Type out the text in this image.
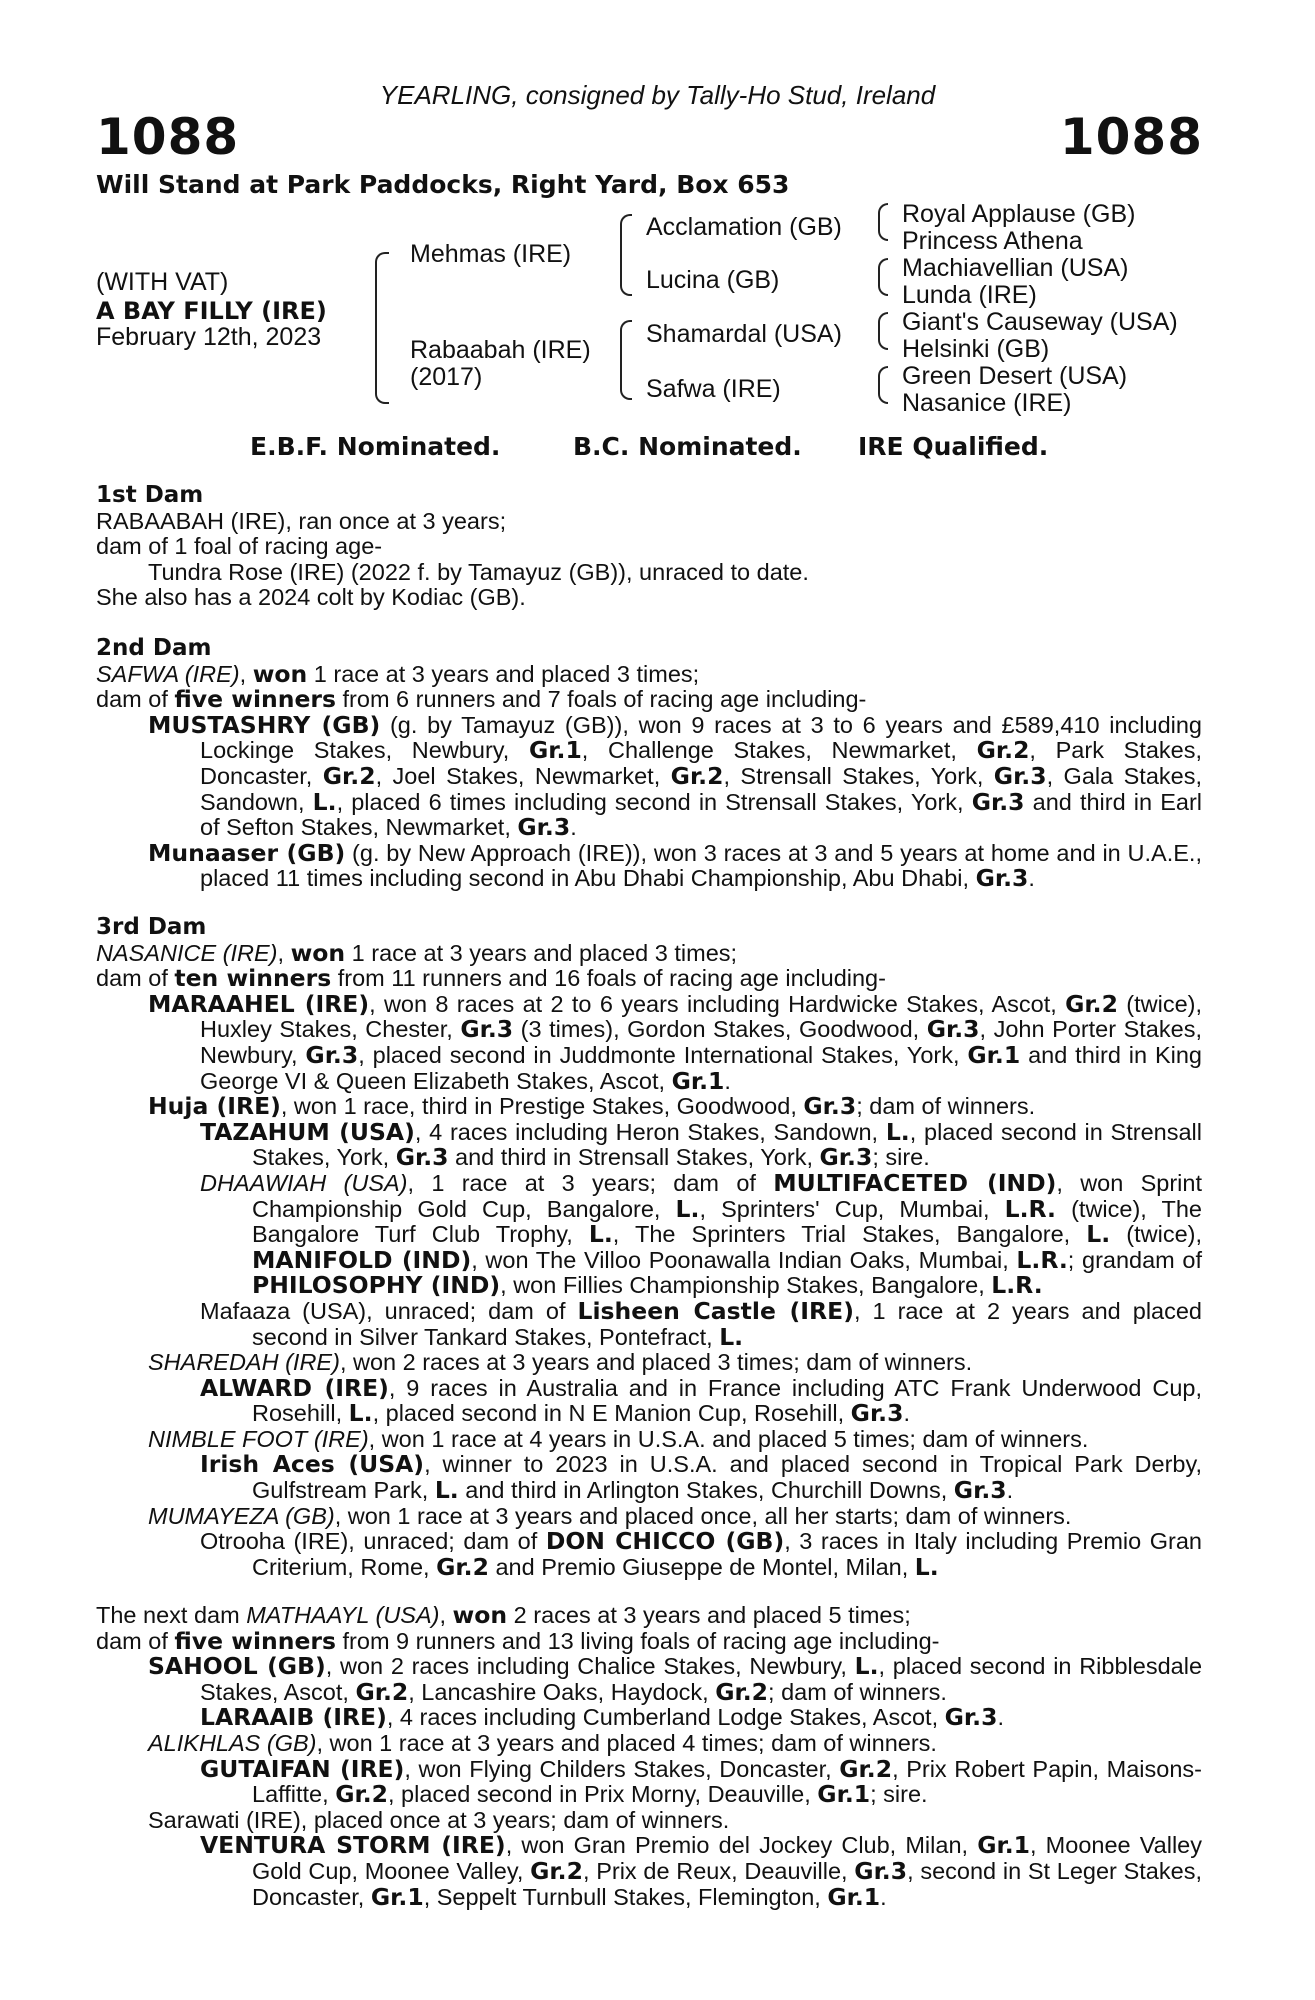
YEARLING, consigned by Tally-Ho Stud, Ireland
1088	1088
Will Stand at Park Paddocks, Right Yard, Box 653
(WITH VAT)
A BAY FILLY (IRE)
February 12th, 2023
Mehmas (IRE)
Rabaabah (IRE)
(2017)
Acclamation (GB)
Lucina (GB)
Shamardal (USA)
Safwa (IRE)
Royal Applause (GB)
Princess Athena
Machiavellian (USA)
Lunda (IRE)
Giant's Causeway (USA)
Helsinki (GB)
Green Desert (USA)
Nasanice (IRE)
E.B.F. Nominated.	B.C. Nominated. IRE Qualified.
1st Dam
RABAABAH (IRE), ran once at 3 years;
dam of 1 foal of racing age-
Tundra Rose (IRE) (2022 f. by Tamayuz (GB)), unraced to date.
She also has a 2024 colt by Kodiac (GB).
2nd Dam
SAFWA (IRE), won 1 race at 3 years and placed 3 times;
dam of five winners from 6 runners and 7 foals of racing age including-
MUSTASHRY (GB) (g. by Tamayuz (GB)), won 9 races at 3 to 6 years and £589,410 including Lockinge Stakes, Newbury, Gr.1, Challenge Stakes, Newmarket, Gr.2, Park Stakes, Doncaster, Gr.2, Joel Stakes, Newmarket, Gr.2, Strensall Stakes, York, Gr.3, Gala Stakes, Sandown, L., placed 6 times including second in Strensall Stakes, York, Gr.3 and third in Earl of Sefton Stakes, Newmarket, Gr.3.
Munaaser (GB) (g. by New Approach (IRE)), won 3 races at 3 and 5 years at home and in U.A.E., placed 11 times including second in Abu Dhabi Championship, Abu Dhabi, Gr.3.
3rd Dam
NASANICE (IRE), won 1 race at 3 years and placed 3 times;
dam of ten winners from 11 runners and 16 foals of racing age including-
MARAAHEL (IRE), won 8 races at 2 to 6 years including Hardwicke Stakes, Ascot, Gr.2 (twice), Huxley Stakes, Chester, Gr.3 (3 times), Gordon Stakes, Goodwood, Gr.3, John Porter Stakes, Newbury, Gr.3, placed second in Juddmonte International Stakes, York, Gr.1 and third in King George VI & Queen Elizabeth Stakes, Ascot, Gr.1.
Huja (IRE), won 1 race, third in Prestige Stakes, Goodwood, Gr.3; dam of winners.
TAZAHUM (USA), 4 races including Heron Stakes, Sandown, L., placed second in Strensall Stakes, York, Gr.3 and third in Strensall Stakes, York, Gr.3; sire.
DHAAWIAH (USA), 1 race at 3 years; dam of MULTIFACETED (IND), won Sprint Championship Gold Cup, Bangalore, L., Sprinters' Cup, Mumbai, L.R. (twice), The Bangalore Turf Club Trophy, L., The Sprinters Trial Stakes, Bangalore, L. (twice), MANIFOLD (IND), won The Villoo Poonawalla Indian Oaks, Mumbai, L.R.; grandam of PHILOSOPHY (IND), won Fillies Championship Stakes, Bangalore, L.R.
Mafaaza (USA), unraced; dam of Lisheen Castle (IRE), 1 race at 2 years and placed second in Silver Tankard Stakes, Pontefract, L.
SHAREDAH (IRE), won 2 races at 3 years and placed 3 times; dam of winners.
ALWARD (IRE), 9 races in Australia and in France including ATC Frank Underwood Cup, Rosehill, L., placed second in N E Manion Cup, Rosehill, Gr.3.
NIMBLE FOOT (IRE), won 1 race at 4 years in U.S.A. and placed 5 times; dam of winners.
Irish Aces (USA), winner to 2023 in U.S.A. and placed second in Tropical Park Derby, Gulfstream Park, L. and third in Arlington Stakes, Churchill Downs, Gr.3.
MUMAYEZA (GB), won 1 race at 3 years and placed once, all her starts; dam of winners.
Otrooha (IRE), unraced; dam of DON CHICCO (GB), 3 races in Italy including Premio Gran Criterium, Rome, Gr.2 and Premio Giuseppe de Montel, Milan, L.
The next dam MATHAAYL (USA), won 2 races at 3 years and placed 5 times;
dam of five winners from 9 runners and 13 living foals of racing age including-
SAHOOL (GB), won 2 races including Chalice Stakes, Newbury, L., placed second in Ribblesdale Stakes, Ascot, Gr.2, Lancashire Oaks, Haydock, Gr.2; dam of winners.
LARAAIB (IRE), 4 races including Cumberland Lodge Stakes, Ascot, Gr.3.
ALIKHLAS (GB), won 1 race at 3 years and placed 4 times; dam of winners.
GUTAIFAN (IRE), won Flying Childers Stakes, Doncaster, Gr.2, Prix Robert Papin, Maisons-Laffitte, Gr.2, placed second in Prix Morny, Deauville, Gr.1; sire.
Sarawati (IRE), placed once at 3 years; dam of winners.
VENTURA STORM (IRE), won Gran Premio del Jockey Club, Milan, Gr.1, Moonee Valley Gold Cup, Moonee Valley, Gr.2, Prix de Reux, Deauville, Gr.3, second in St Leger Stakes, Doncaster, Gr.1, Seppelt Turnbull Stakes, Flemington, Gr.1.
